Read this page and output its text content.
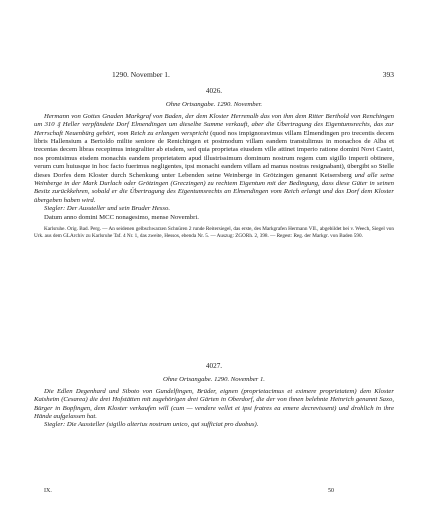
1290. November 1.	393
4026.
Ohne Ortsangabe. 1290. November.

Hermann von Gottes Gnaden Markgraf von Baden, der dem Kloster Herrenalb das von ihm dem Ritter Berthold von Renchingen um 310 ₰ Heller verpfändete Dorf Elmendingen um dieselbe Summe verkauft, aber die Übertragung des Eigentumsrechts, das zur Herrschaft Neuenbürg gehört, vom Reich zu erlangen verspricht (quod nos impignoravimus villam Elmendingen pro trecentis decem libris Hallensium a Bertoldo milite seniore de Renichingen et postmodum villam eandem transtulimus in monachos de Alba et trecentas decem libras recepimus integraliter ab eisdem, sed quia proprietas eiusdem ville attinet imperio ratione domini Novi Castri, nos promisimus eisdem monachis eandem proprietatem apud illustrissimum dominum nostrum regem cum sigillo imperii obtinere, verum cum huiusque in hoc facto fuerimus negligentes, ipsi monachi eandem villam ad manus nostras resignabant), übergibt so Stelle dieses Dorfes dem Kloster durch Schenkung unter Lebenden seine Weinberge in Grötzingen genannt Keisersberg und alle seine Weinberge in der Mark Durlach oder Grötzingen (Greczingen) zu rechtem Eigentum mit der Bedingung, dass diese Güter in seinen Besitz zurückkehren, sobald er die Übertragung des Eigentumsrechts an Elmendingen vom Reich erlangt und das Dorf dem Kloster übergeben haben wird.

Siegler: Der Aussteller und sein Bruder Hesso.

Datum anno domini MCC nonagesimo, mense Novembri.

Karlsruhe. Orig. Bad. Perg. — An seidenen gelbschwarzen Schnüren 2 runde Reitersiegel, das erste, des Markgrafen Hermann VII., abgebildet bei v. Weech, Siegel von Urk. aus dem GLArchiv zu Karlsruhe Taf. 4 Nr. 1, das zweite, Hessos, ebenda Nr. 5. — Auszug: ZGORh. 2, 398. — Regest: Reg. der Markgr. von Baden 590.

4027.
Ohne Ortsangabe. 1290. November 1.

Die Edlen Degenhard und Siboto von Gundelfingen, Brüder, eignen (proprietacimus et eximere proprietatem) dem Kloster Kaisheim (Cesarea) die drei Hofstätten mit zugehörigen drei Gärten in Oberdorf, die der von ihnen belehnte Heinrich genannt Saxo, Bürger in Bopfingen, dem Kloster verkaufen will (cum — vendere vellet et ipsi fratres ea emere decrevissent) und drohlich in ihre Hände aufgelassen hat.

Siegler: Die Aussteller (sigillo alterius nostrum unico, qui sufficiat pro duobus).

IX.	50
